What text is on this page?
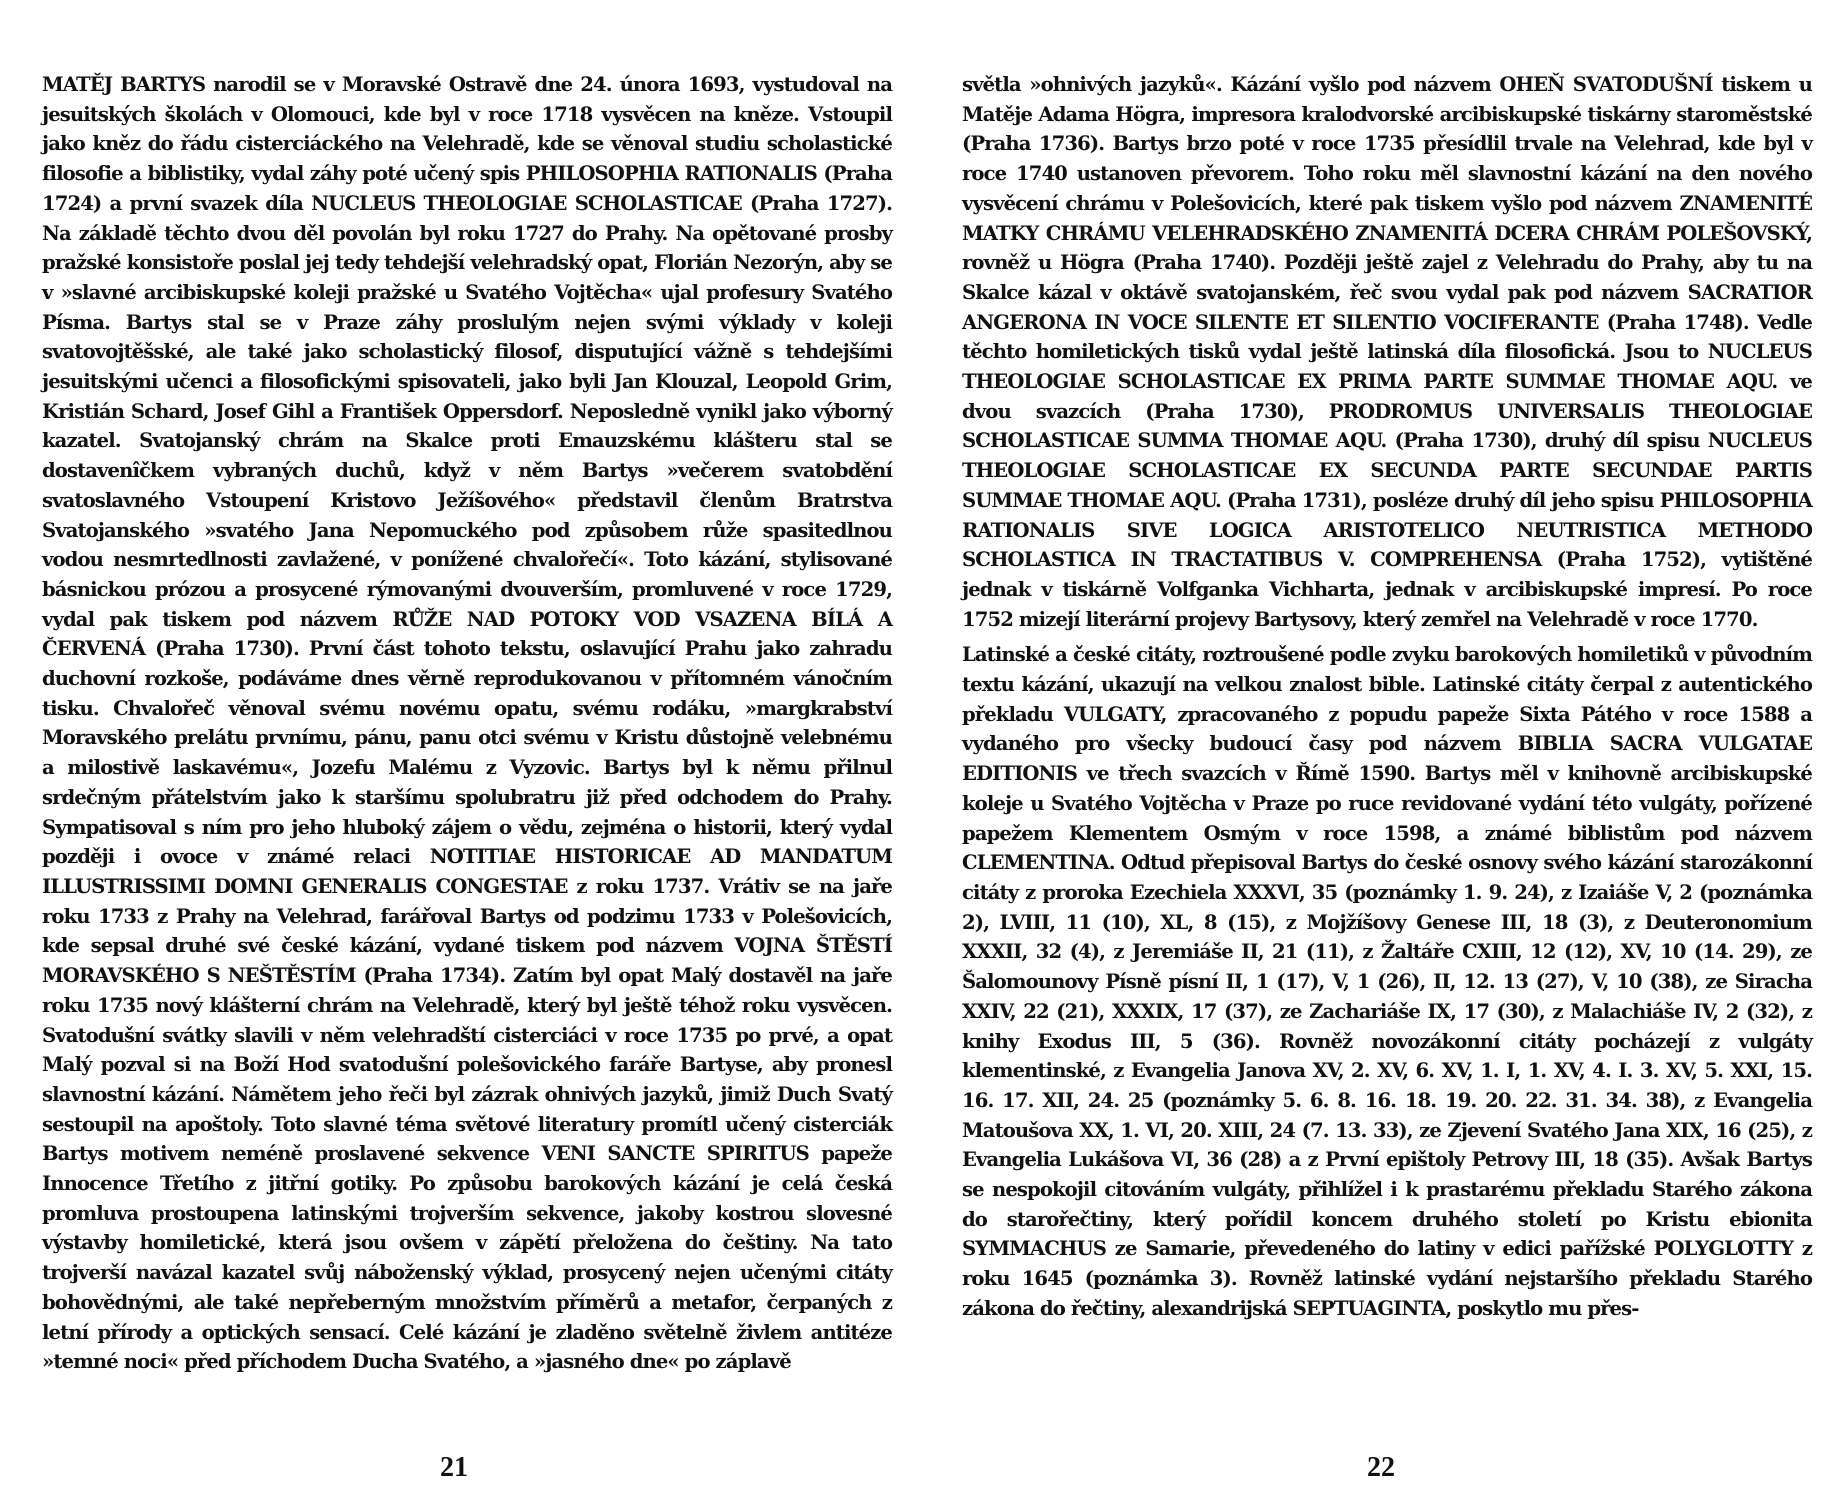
MATĚJ BARTYS narodil se v Moravské Ostravě dne 24. února 1693, vystudoval na jesuitských školách v Olomouci, kde byl v roce 1718 vysvěcen na kněze. Vstoupil jako kněz do řádu cisterciáckého na Velehradě, kde se věnoval studiu scholastické filosofie a biblistiky, vydal záhy poté učený spis PHILOSOPHIA RATIONALIS (Praha 1724) a první svazek díla NUCLEUS THEOLOGIAE SCHOLASTICAE (Praha 1727). Na základě těchto dvou děl povolán byl roku 1727 do Prahy. Na opětované prosby pražské konsistoře poslal jej tedy tehdejší velehradský opat, Florián Nezorýn, aby se v »slavné arcibiskupské koleji pražské u Svatého Vojtěcha« ujal profesury Svatého Písma. Bartys stal se v Praze záhy proslulým nejen svými výklady v koleji svatovojtěšské, ale také jako scholastický filosof, disputující vážně s tehdejšími jesuitskými učenci a filosofickými spisovateli, jako byli Jan Klouzal, Leopold Grim, Kristián Schard, Josef Gihl a František Oppersdorf. Neposledně vynikl jako výborný kazatel. Svatojanský chrám na Skalce proti Emauzskému klášteru stal se dostavenîčkem vybraných duchů, když v něm Bartys »večerem svatobdění svatoslavného Vstoupení Kristovo Ježíšového« představil členům Bratrstva Svatojanského »svatého Jana Nepomuckého pod způsobem růže spasitedlnou vodou nesmrtedlnosti zavlažené, v ponížené chvalořečí«. Toto kázání, stylisované básnickou prózou a prosycené rýmovanými dvouverším, promluvené v roce 1729, vydal pak tiskem pod názvem RŮŽE NAD POTOKY VOD VSAZENA BÍLÁ A ČERVENÁ (Praha 1730). První část tohoto tekstu, oslavující Prahu jako zahradu duchovní rozkoše, podáváme dnes věrně reprodukovanou v přítomném vánočním tisku. Chvalořeč věnoval svému novému opatu, svému rodáku, »margkrabství Moravského prelátu prvnímu, pánu, panu otci svému v Kristu důstojně velebnému a milostivě laskavému«, Jozefu Malému z Vyzovic. Bartys byl k němu přilnul srdečným přátelstvím jako k staršímu spolubratru již před odchodem do Prahy. Sympatisoval s ním pro jeho hluboký zájem o vědu, zejména o historii, který vydal později i ovoce v známé relaci NOTITIAE HISTORICAE AD MANDATUM ILLUSTRISSIMI DOMNI GENERALIS CONGESTAE z roku 1737. Vrátiv se na jaře roku 1733 z Prahy na Velehrad, farářoval Bartys od podzimu 1733 v Polešovicích, kde sepsal druhé své české kázání, vydané tiskem pod názvem VOJNA ŠTĚSTÍ MORAVSKÉHO S NEŠTĚSTÍM (Praha 1734). Zatím byl opat Malý dostavěl na jaře roku 1735 nový klášterní chrám na Velehradě, který byl ještě téhož roku vysvěcen. Svatodušní svátky slavili v něm velehradští cisterciáci v roce 1735 po prvé, a opat Malý pozval si na Boží Hod svatodušní polešovického faráře Bartyse, aby pronesl slavnostní kázání. Námětem jeho řeči byl zázrak ohnivých jazyků, jimiž Duch Svatý sestoupil na apoštoly. Toto slavné téma světové literatury promítl učený cisterciák Bartys motivem neméně proslavené sekvence VENI SANCTE SPIRITUS papeže Innocence Třetího z jitřní gotiky. Po způsobu barokových kázání je celá česká promluva prostoupena latinskými trojverším sekvence, jakoby kostrou slovesné výstavby homiletické, která jsou ovšem v zápětí přeložena do češtiny. Na tato trojverší navázal kazatel svůj náboženský výklad, prosycený nejen učenými citáty bohovědnými, ale také nepřeberným množstvím příměrů a metafor, čerpaných z letní přírody a optických sensací. Celé kázání je zladěno světelně živlem antitéze »temné noci« před příchodem Ducha Svatého, a »jasného dne« po záplavě

21

světla »ohnivých jazyků«. Kázání vyšlo pod názvem OHEŇ SVATODUŠNÍ tiskem u Matěje Adama Högra, impresora kralodvorské arcibiskupské tiskárny staroměstské (Praha 1736). Bartys brzo poté v roce 1735 přesídlil trvale na Velehrad, kde byl v roce 1740 ustanoven převorem. Toho roku měl slavnostní kázání na den nového vysvěcení chrámu v Polešovicích, které pak tiskem vyšlo pod názvem ZNAMENITÉ MATKY CHRÁMU VELEHRADSKÉHO ZNAMENITÁ DCERA CHRÁM POLEŠOVSKÝ, rovněž u Högra (Praha 1740). Později ještě zajel z Velehradu do Prahy, aby tu na Skalce kázal v oktávě svatojanském, řeč svou vydal pak pod názvem SACRATIOR ANGERONA IN VOCE SILENTE ET SILENTIO VOCIFERANTE (Praha 1748). Vedle těchto homiletických tisků vydal ještě latinská díla filosofická. Jsou to NUCLEUS THEOLOGIAE SCHOLASTICAE EX PRIMA PARTE SUMMAE THOMAE AQU. ve dvou svazcích (Praha 1730), PRODROMUS UNIVERSALIS THEOLOGIAE SCHOLASTICAE SUMMA THOMAE AQU. (Praha 1730), druhý díl spisu NUCLEUS THEOLOGIAE SCHOLASTICAE EX SECUNDA PARTE SECUNDAE PARTIS SUMMAE THOMAE AQU. (Praha 1731), posléze druhý díl jeho spisu PHILOSOPHIA RATIONALIS SIVE LOGICA ARISTOTELICO NEUTRISTICA METHODO SCHOLASTICA IN TRACTATIBUS V. COMPREHENSA (Praha 1752), vytištěné jednak v tiskárně Volfganka Vichharta, jednak v arcibiskupské impresí. Po roce 1752 mizejí literární projevy Bartysovy, který zemřel na Velehradě v roce 1770.

Latinské a české citáty, roztroušené podle zvyku barokových homiletiků v původním textu kázání, ukazují na velkou znalost bible. Latinské citáty čerpal z autentického překladu VULGATY, zpracovaného z popudu papeže Sixta Pátého v roce 1588 a vydaného pro všecky budoucí časy pod názvem BIBLIA SACRA VULGATAE EDITIONIS ve třech svazcích v Římě 1590. Bartys měl v knihovně arcibiskupské koleje u Svatého Vojtěcha v Praze po ruce revidované vydání této vulgáty, pořízené papežem Klementem Osmým v roce 1598, a známé biblistům pod názvem CLEMENTINA. Odtud přepisoval Bartys do české osnovy svého kázání starozákonní citáty z proroka Ezechiela XXXVI, 35 (poznámky 1. 9. 24), z Izaiáše V, 2 (poznámka 2), LVIII, 11 (10), XL, 8 (15), z Mojžíšovy Genese III, 18 (3), z Deuteronomium XXXII, 32 (4), z Jeremiáše II, 21 (11), z Žaltáře CXIII, 12 (12), XV, 10 (14. 29), ze Šalomounovy Písně písní II, 1 (17), V, 1 (26), II, 12. 13 (27), V, 10 (38), ze Siracha XXIV, 22 (21), XXXIX, 17 (37), ze Zachariáše IX, 17 (30), z Malachiáše IV, 2 (32), z knihy Exodus III, 5 (36). Rovněž novozákonní citáty pocházejí z vulgáty klementinské, z Evangelia Janova XV, 2. XV, 6. XV, 1. I, 1. XV, 4. I. 3. XV, 5. XXI, 15. 16. 17. XII, 24. 25 (poznámky 5. 6. 8. 16. 18. 19. 20. 22. 31. 34. 38), z Evangelia Matoušova XX, 1. VI, 20. XIII, 24 (7. 13. 33), ze Zjevení Svatého Jana XIX, 16 (25), z Evangelia Lukášova VI, 36 (28) a z První epištoly Petrovy III, 18 (35). Avšak Bartys se nespokojil citováním vulgáty, přihlížel i k prastarému překladu Starého zákona do starořečtiny, který pořídil koncem druhého století po Kristu ebionita SYMMACHUS ze Samarie, převedeného do latiny v edici pařížské POLYGLOTTY z roku 1645 (poznámka 3). Rovněž latinské vydání nejstaršího překladu Starého zákona do řečtiny, alexandrijská SEPTUAGINTA, poskytlo mu přes-

22
